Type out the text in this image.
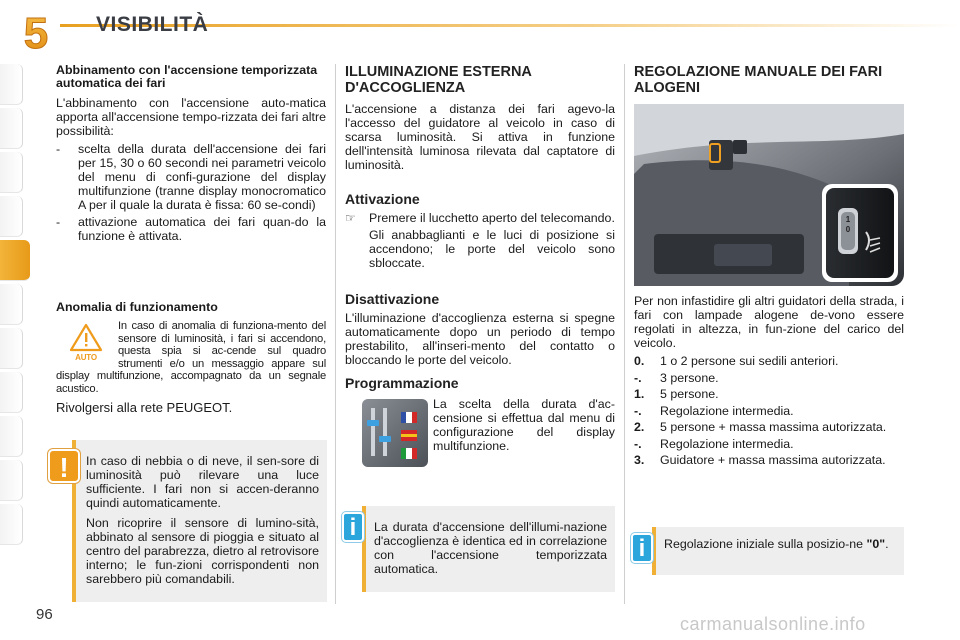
5 VISIBILITÀ
Abbinamento con l'accensione temporizzata automatica dei fari

L'abbinamento con l'accensione auto-matica apporta all'accensione tempo-rizzata dei fari altre possibilità:

-	scelta della durata dell'accensione dei fari per 15, 30 o 60 secondi nei parametri veicolo del menu di confi-gurazione del display multifunzione (tranne display monocromatico A per il quale la durata è fissa: 60 se-condi)
-	attivazione automatica dei fari quan-do la funzione è attivata.
Anomalia di funzionamento
AUTO

In caso di anomalia di funziona-mento del sensore di luminosità, i fari si accendono, questa spia si ac-cende sul quadro strumenti e/o un messaggio appare sul display multifunzione, accompagnato da un segnale acustico.

Rivolgersi alla rete PEUGEOT.

In caso di nebbia o di neve, il sen-sore di luminosità può rilevare una luce sufficiente. I fari non si accen-deranno quindi automaticamente.

Non ricoprire il sensore di lumino-sità, abbinato al sensore di pioggia e situato al centro del parabrezza, dietro al retrovisore interno; le fun-zioni corrispondenti non sarebbero più comandabili.

!
ILLUMINAZIONE ESTERNA D'ACCOGLIENZA

L'accensione a distanza dei fari agevo-la l'accesso del guidatore al veicolo in caso di scarsa luminosità. Si attiva in funzione dell'intensità luminosa rilevata dal captatore di luminosità.

Attivazione
☞	Premere il lucchetto aperto del telecomando.

Gli anabbaglianti e le luci di posizione si accendono; le porte del veicolo sono sbloccate.

Disattivazione

L'illuminazione d'accoglienza esterna si spegne automaticamente dopo un periodo di tempo prestabilito, all'inseri-mento del contatto o bloccando le porte del veicolo.

Programmazione

La scelta della durata d'ac-censione si effettua dal menu di configurazione del display multifunzione.

La durata d'accensione dell'illumi-nazione d'accoglienza è identica ed in correlazione con l'accensione temporizzata automatica.

i
REGOLAZIONE MANUALE DEI FARI ALOGENI
1
0

Per non infastidire gli altri guidatori della strada, i fari con lampade alogene de-vono essere regolati in altezza, in fun-zione del carico del veicolo.

0.	1 o 2 persone sui sedili anteriori.
-.	3 persone.
1.	5 persone.
-.	Regolazione intermedia.
2.	5 persone + massa massima autorizzata.
-.	Regolazione intermedia.
3.	Guidatore + massa massima autorizzata.

Regolazione iniziale sulla posizio-ne "0".

i
96	carmanualsonline.info
